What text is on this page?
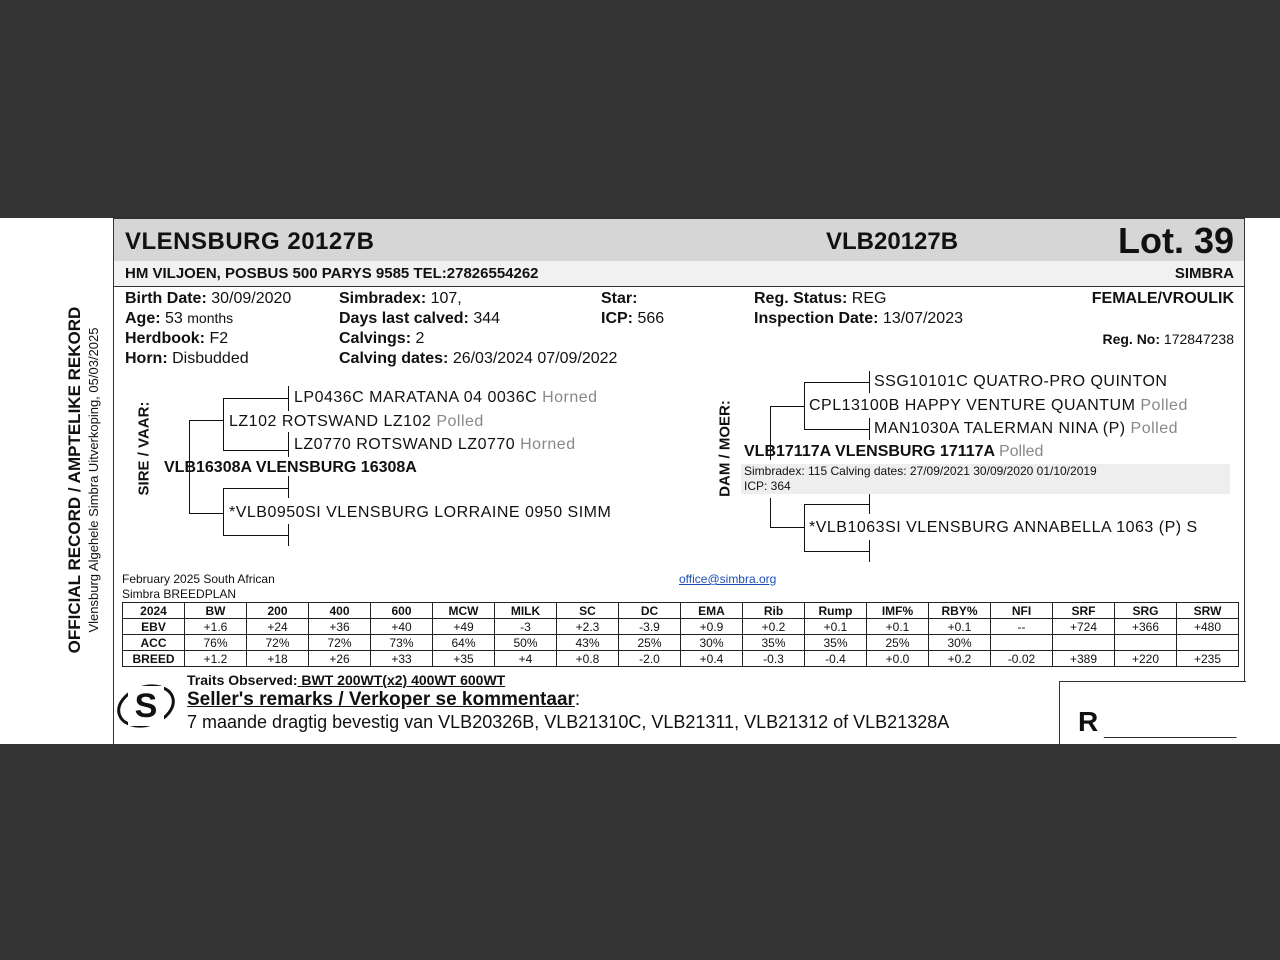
OFFICIAL RECORD / AMPTELIKE REKORD Vlensburg Algehele Simbra Uitverkoping, 05/03/2025
VLENSBURG 20127B	VLB20127B	Lot. 39
HM VILJOEN, POSBUS 500 PARYS 9585 TEL:27826554262	SIMBRA
Birth Date: 30/09/2020
Age: 53 months
Herdbook: F2
Horn: Disbudded
Simbradex: 107,
Days last calved: 344
Calvings: 2
Calving dates: 26/03/2024 07/09/2022
Star:
ICP: 566
Reg. Status: REG
Inspection Date: 13/07/2023
FEMALE/VROULIK
Reg. No: 172847238
SIRE / VAAR:
LP0436C MARATANA 04 0036C Horned
LZ102 ROTSWAND LZ102 Polled
LZ0770 ROTSWAND LZ0770 Horned
VLB16308A VLENSBURG 16308A
*VLB0950SI VLENSBURG LORRAINE 0950 SIMM
DAM / MOER:
SSG10101C QUATRO-PRO QUINTON
CPL13100B HAPPY VENTURE QUANTUM Polled
MAN1030A TALERMAN NINA (P) Polled
VLB17117A VLENSBURG 17117A Polled
Simbradex: 115 Calving dates: 27/09/2021 30/09/2020 01/10/2019
ICP: 364
*VLB1063SI VLENSBURG ANNABELLA 1063 (P) S
February 2025 South African
Simbra BREEDPLAN
office@simbra.org
2024	BW	200	400	600	MCW	MILK	SC	DC	EMA	Rib	Rump	IMF%	RBY%	NFI	SRF	SRG	SRW
EBV	+1.6	+24	+36	+40	+49	-3	+2.3	-3.9	+0.9	+0.2	+0.1	+0.1	+0.1	--	+724	+366	+480
ACC	76%	72%	72%	73%	64%	50%	43%	25%	30%	35%	35%	25%	30%				
BREED	+1.2	+18	+26	+33	+35	+4	+0.8	-2.0	+0.4	-0.3	-0.4	+0.0	+0.2	-0.02	+389	+220	+235
S
Traits Observed: BWT 200WT(x2) 400WT 600WT
Seller's remarks / Verkoper se kommentaar:
7 maande dragtig bevestig van VLB20326B, VLB21310C, VLB21311, VLB21312 of VLB21328A	R _________________
